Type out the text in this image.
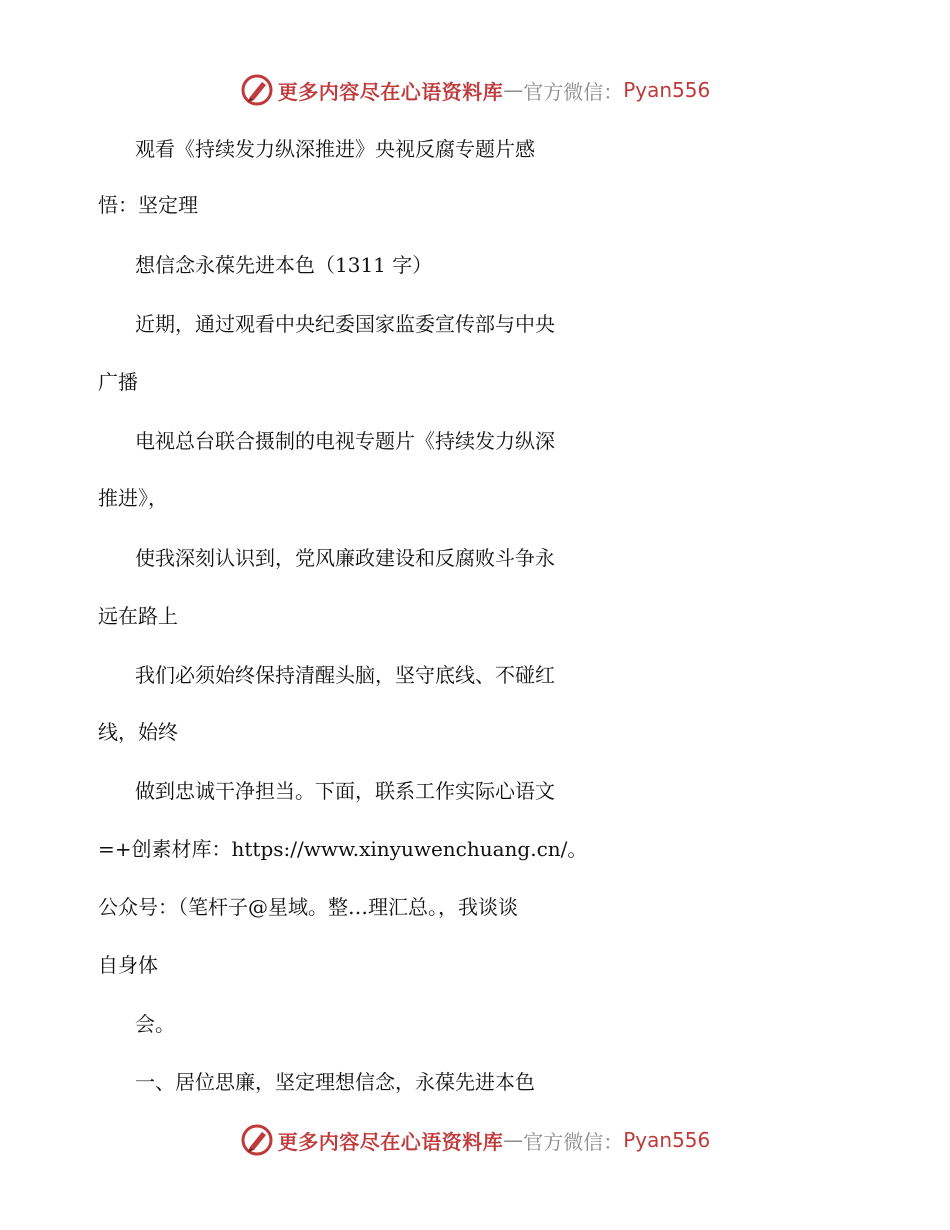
更多内容尽在心语资料库 — 官方微信： Pyan556
观看《持续发力纵深推进》央视反腐专题片感
悟：坚定理
想信念永葆先进本色（1311 字）
近期，通过观看中央纪委国家监委宣传部与中央
广播
电视总台联合摄制的电视专题片《持续发力纵深
推进》，
使我深刻认识到，党风廉政建设和反腐败斗争永
远在路上
我们必须始终保持清醒头脑，坚守底线、不碰红
线，始终
做到忠诚干净担当。下面，联系工作实际心语文
=+创素材库：https://www.xinyuwenchuang.cn/。
公众号：（笔杆子@星域。整…理汇总。，我谈谈
自身体
会。
一、居位思廉，坚定理想信念，永葆先进本色
更多内容尽在心语资料库 — 官方微信： Pyan556
